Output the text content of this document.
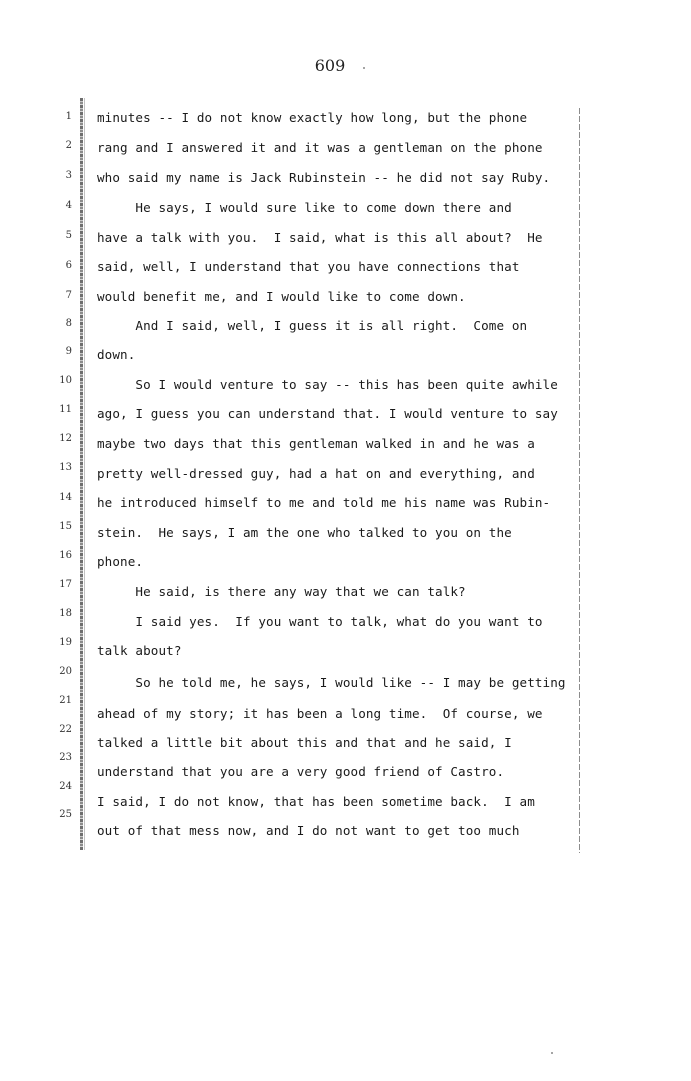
609
1
2
3
4
5
6
7
8
9
10
11
12
13
14
15
16
17
18
19
20
21
22
23
24
25
minutes -- I do not know exactly how long, but the phone
rang and I answered it and it was a gentleman on the phone
who said my name is Jack Rubinstein -- he did not say Ruby.
He says, I would sure like to come down there and
have a talk with you.  I said, what is this all about?  He
said, well, I understand that you have connections that
would benefit me, and I would like to come down.
And I said, well, I guess it is all right.  Come on
down.
So I would venture to say -- this has been quite awhile
ago, I guess you can understand that. I would venture to say
maybe two days that this gentleman walked in and he was a
pretty well-dressed guy, had a hat on and everything, and
he introduced himself to me and told me his name was Rubin-
stein.  He says, I am the one who talked to you on the
phone.
He said, is there any way that we can talk?
I said yes.  If you want to talk, what do you want to
talk about?
So he told me, he says, I would like -- I may be getting
ahead of my story; it has been a long time.  Of course, we
talked a little bit about this and that and he said, I
understand that you are a very good friend of Castro.
I said, I do not know, that has been sometime back.  I am
out of that mess now, and I do not want to get too much
